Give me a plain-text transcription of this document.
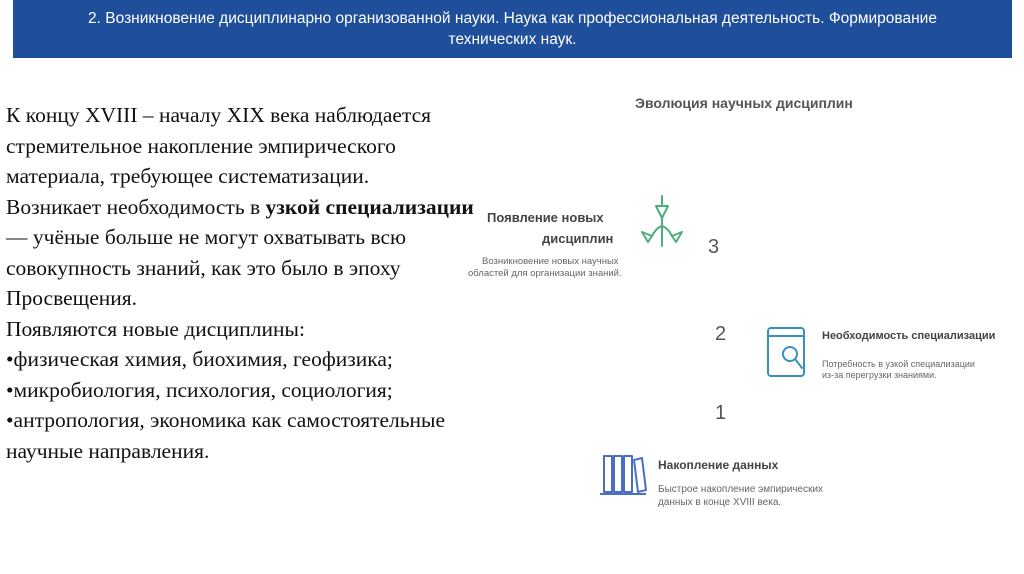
2. Возникновение дисциплинарно организованной науки. Наука как профессиональная деятельность. Формирование
технических наук.
К концу XVIII – началу XIX века наблюдается стремительное накопление эмпирического материала, требующее систематизации.
Возникает необходимость в узкой специализации — учёные больше не могут охватывать всю совокупность знаний, как это было в эпоху Просвещения.
Появляются новые дисциплины:
•физическая химия, биохимия, геофизика;
•микробиология, психология, социология;
•антропология, экономика как самостоятельные научные направления.
Эволюция научных дисциплин
Появление новых
дисциплин
Возникновение новых научных
областей для организации знаний.
3
2	Необходимость специализации
Потребность в узкой специализации
из-за перегрузки знаниями.
1
Накопление данных
Быстрое накопление эмпирических
данных в конце XVIII века.
